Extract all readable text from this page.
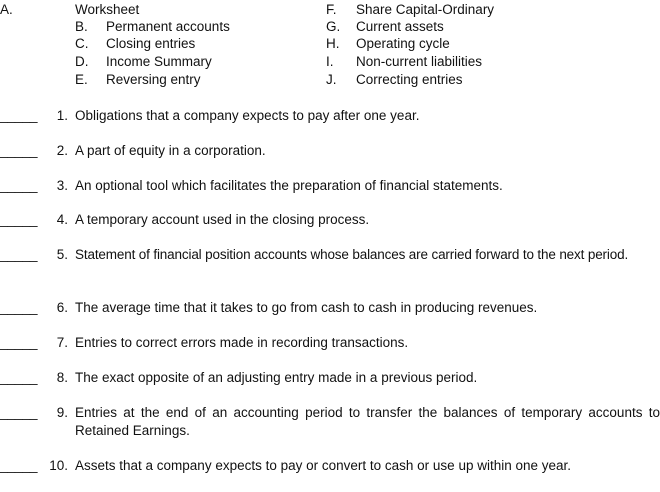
A.	Worksheet
B. Permanent accounts
C. Closing entries
D. Income Summary
E. Reversing entry
F. Share Capital-Ordinary
G. Current assets
H. Operating cycle
I. Non-current liabilities
J. Correcting entries
_____ 1. Obligations that a company expects to pay after one year.
_____ 2. A part of equity in a corporation.
_____ 3. An optional tool which facilitates the preparation of financial statements.
_____ 4. A temporary account used in the closing process.
_____ 5. Statement of financial position accounts whose balances are carried forward to the next period.
_____ 6. The average time that it takes to go from cash to cash in producing revenues.
_____ 7. Entries to correct errors made in recording transactions.
_____ 8. The exact opposite of an adjusting entry made in a previous period.
_____ 9. Entries at the end of an accounting period to transfer the balances of temporary accounts to Retained Earnings.
_____ 10. Assets that a company expects to pay or convert to cash or use up within one year.
